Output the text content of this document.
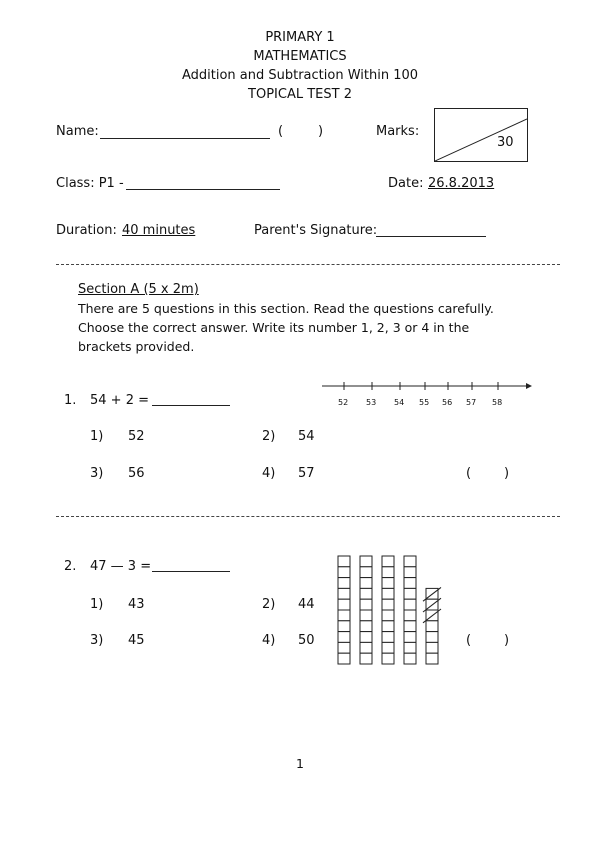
PRIMARY 1
MATHEMATICS
Addition and Subtraction Within 100
TOPICAL TEST 2
Name:	(	)	Marks:
30
Class: P1 -	Date: 26.8.2013
Duration: 40 minutes	Parent's Signature:
Section A (5 x 2m)
There are 5 questions in this section. Read the questions carefully.
Choose the correct answer. Write its number 1, 2, 3 or 4 in the
brackets provided.
1. 54 + 2 =	52 53 54 55 56 57 58
1) 52	2) 54
3) 56	4) 57	(	)
2. 47 — 3 =
1) 43	2) 44
3) 45	4) 50	(	)
1
